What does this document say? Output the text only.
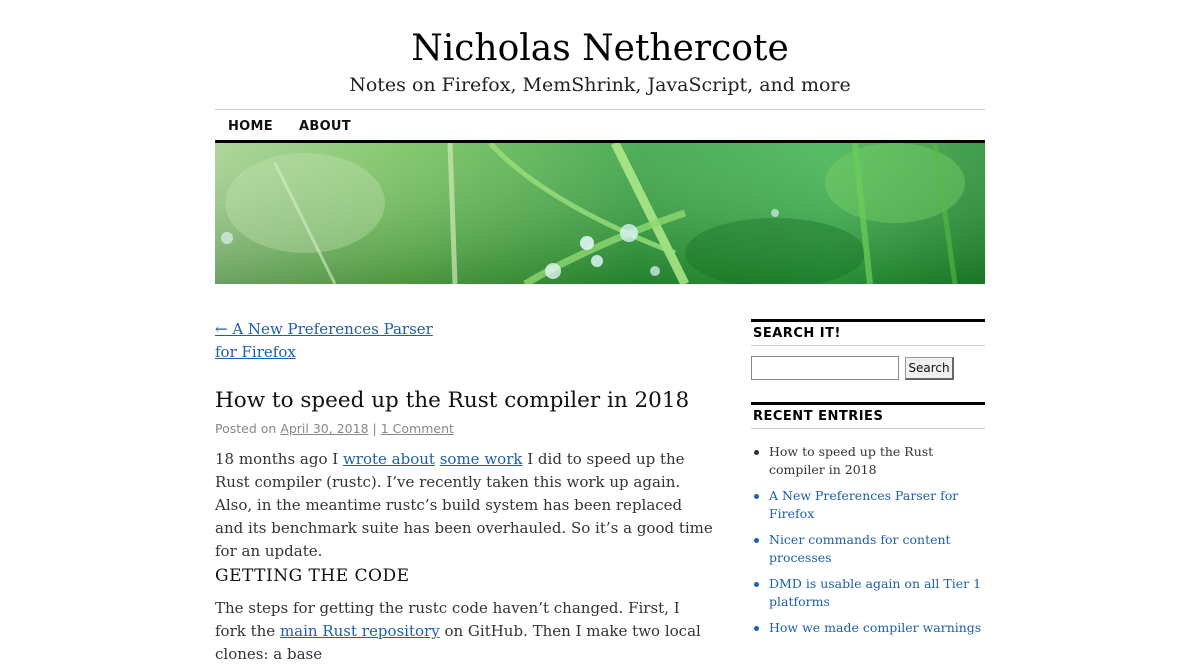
Nicholas Nethercote
Notes on Firefox, MemShrink, JavaScript, and more
HOME ABOUT
← A New Preferences Parser for Firefox
How to speed up the Rust compiler in 2018
Posted on April 30, 2018 | 1 Comment

18 months ago I wrote about some work I did to speed up the Rust compiler (rustc). I’ve recently taken this work up again. Also, in the meantime rustc’s build system has been replaced and its benchmark suite has been overhauled. So it’s a good time for an update.

GETTING THE CODE

The steps for getting the rustc code haven’t changed. First, I fork the main Rust repository on GitHub. Then I make two local clones: a base

SEARCH IT!
Search
RECENT ENTRIES
How to speed up the Rust compiler in 2018
A New Preferences Parser for Firefox
Nicer commands for content processes
DMD is usable again on all Tier 1 platforms
How we made compiler warnings
